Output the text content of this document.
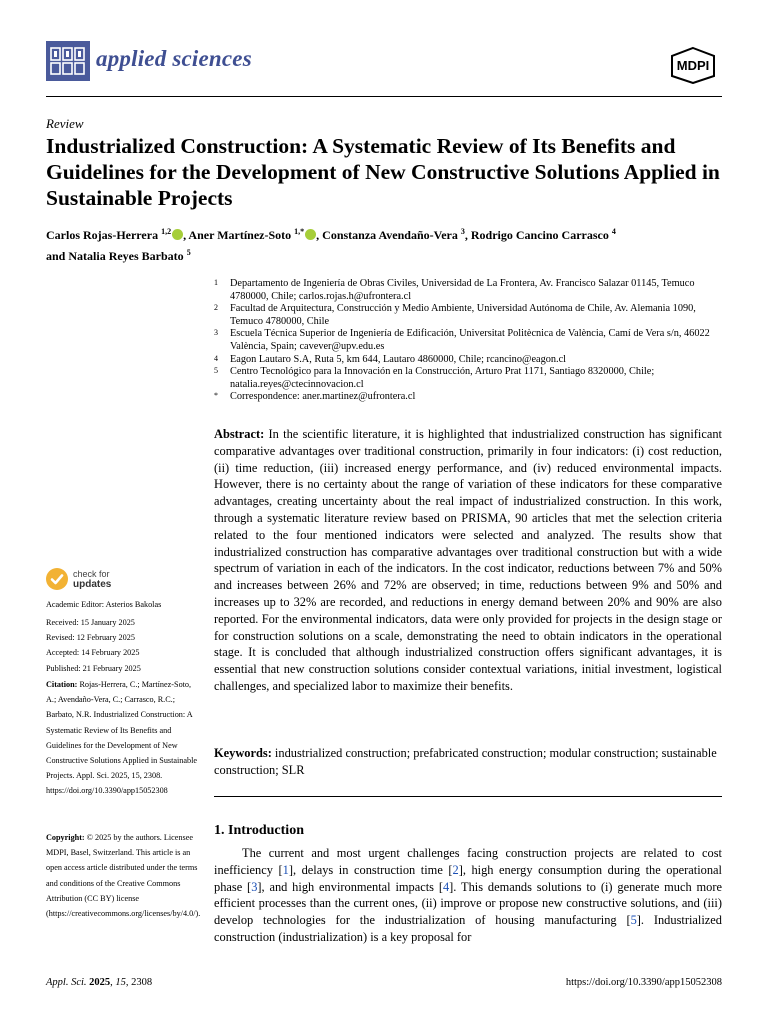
applied sciences	MDPI
Review
Industrialized Construction: A Systematic Review of Its Benefits and Guidelines for the Development of New Constructive Solutions Applied in Sustainable Projects
Carlos Rojas-Herrera $^{1,2}$ , Aner Martínez-Soto $^{1,*}$ , Constanza Avendaño-Vera $^3$, Rodrigo Cancino Carrasco $^4$
and Natalia Reyes Barbato $^5$
1	Departamento de Ingeniería de Obras Civiles, Universidad de La Frontera, Av. Francisco Salazar 01145, Temuco 4780000, Chile; carlos.rojas.h@ufrontera.cl
2	Facultad de Arquitectura, Construcción y Medio Ambiente, Universidad Autónoma de Chile, Av. Alemania 1090, Temuco 4780000, Chile
3	Escuela Técnica Superior de Ingeniería de Edificación, Universitat Politècnica de València, Camí de Vera s/n, 46022 València, Spain; cavever@upv.edu.es
4	Eagon Lautaro S.A, Ruta 5, km 644, Lautaro 4860000, Chile; rcancino@eagon.cl
5	Centro Tecnológico para la Innovación en la Construcción, Arturo Prat 1171, Santiago 8320000, Chile; natalia.reyes@ctecinnovacion.cl
*	Correspondence: aner.martinez@ufrontera.cl
Abstract: In the scientific literature, it is highlighted that industrialized construction has significant comparative advantages over traditional construction, primarily in four indicators: (i) cost reduction, (ii) time reduction, (iii) increased energy performance, and (iv) reduced environmental impacts. However, there is no certainty about the range of variation of these indicators for these comparative advantages, creating uncertainty about the real impact of industrialized construction. In this work, through a systematic literature review based on PRISMA, 90 articles that met the selection criteria related to the four mentioned indicators were selected and analyzed. The results show that industrialized construction has comparative advantages over traditional construction but with a wide spectrum of variation in each of the indicators. In the cost indicator, reductions between 7% and 50% and increases between 26% and 72% are observed; in time, reductions between 9% and 50% and increases up to 32% are recorded, and reductions in energy demand between 20% and 90% are also reported. For the environmental indicators, data were only provided for projects in the design stage or for construction solutions on a scale, demonstrating the need to obtain indicators in the operational stage. It is concluded that although industrialized construction offers significant advantages, it is essential that new construction solutions consider contextual variations, initial investment, logistical challenges, and specialized labor to maximize their benefits.
Keywords: industrialized construction; prefabricated construction; modular construction; sustainable construction; SLR
1. Introduction
The current and most urgent challenges facing construction projects are related to cost inefficiency [1], delays in construction time [2], high energy consumption during the operational phase [3], and high environmental impacts [4]. This demands solutions to (i) generate much more efficient processes than the current ones, (ii) improve or propose new constructive solutions, and (iii) develop technologies for the industrialization of housing manufacturing [5]. Industrialized construction (industrialization) is a key proposal for
check for
updates
Academic Editor: Asterios Bakolas
Received: 15 January 2025
Revised: 12 February 2025
Accepted: 14 February 2025
Published: 21 February 2025
Citation: Rojas-Herrera, C.; Martínez-Soto, A.; Avendaño-Vera, C.; Carrasco, R.C.; Barbato, N.R. Industrialized Construction: A Systematic Review of Its Benefits and Guidelines for the Development of New Constructive Solutions Applied in Sustainable Projects. Appl. Sci. 2025, 15, 2308. https://doi.org/10.3390/app15052308
Copyright: © 2025 by the authors. Licensee MDPI, Basel, Switzerland. This article is an open access article distributed under the terms and conditions of the Creative Commons Attribution (CC BY) license (https://creativecommons.org/licenses/by/4.0/).
Appl. Sci. 2025, 15, 2308	https://doi.org/10.3390/app15052308
